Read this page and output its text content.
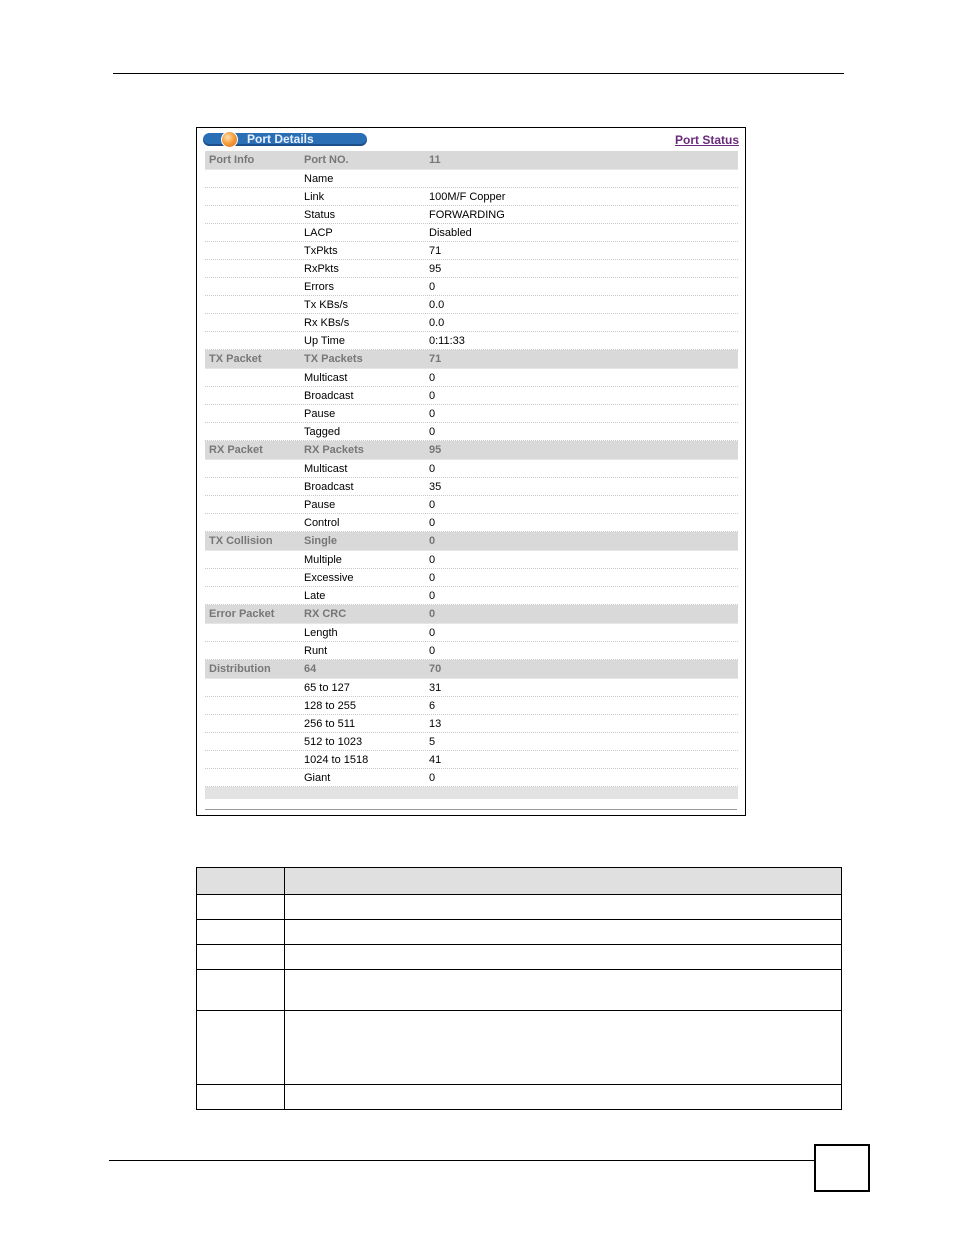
Port Details	Port Status
Port Info	Port NO.	11
Name
Link	100M/F Copper
Status	FORWARDING
LACP	Disabled
TxPkts	71
RxPkts	95
Errors	0
Tx KBs/s	0.0
Rx KBs/s	0.0
Up Time	0:11:33
TX Packet	TX Packets	71
Multicast	0
Broadcast	0
Pause	0
Tagged	0
RX Packet	RX Packets	95
Multicast	0
Broadcast	35
Pause	0
Control	0
TX Collision	Single	0
Multiple	0
Excessive	0
Late	0
Error Packet	RX CRC	0
Length	0
Runt	0
Distribution	64	70
65 to 127	31
128 to 255	6
256 to 511	13
512 to 1023	5
1024 to 1518	41
Giant	0
